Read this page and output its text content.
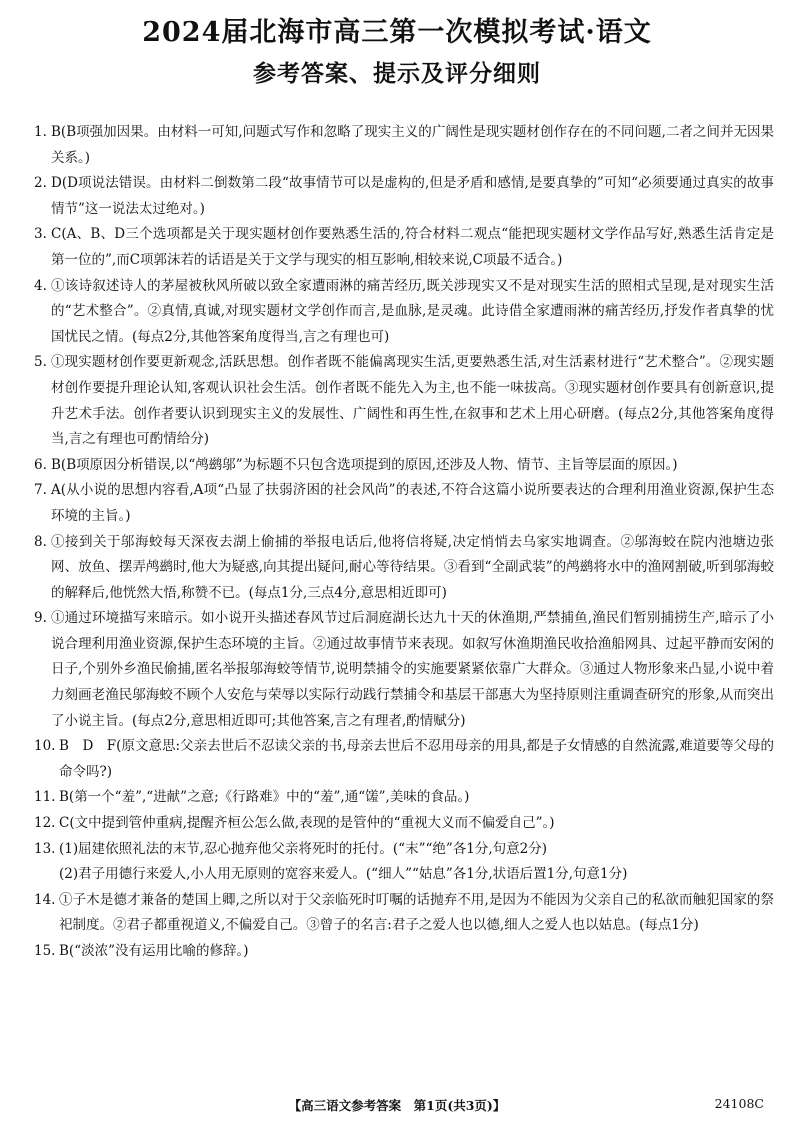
2024届北海市高三第一次模拟考试·语文
参考答案、提示及评分细则
1. B(B项强加因果。由材料一可知,问题式写作和忽略了现实主义的广阔性是现实题材创作存在的不同问题,二者之间并无因果关系。)
2. D(D项说法错误。由材料二倒数第二段“故事情节可以是虚构的,但是矛盾和感情,是要真挚的”可知“必须要通过真实的故事情节”这一说法太过绝对。)
3. C(A、B、D三个选项都是关于现实题材创作要熟悉生活的,符合材料二观点“能把现实题材文学作品写好,熟悉生活肯定是第一位的”,而C项郭沫若的话语是关于文学与现实的相互影响,相较来说,C项最不适合。)
4. ①该诗叙述诗人的茅屋被秋风所破以致全家遭雨淋的痛苦经历,既关涉现实又不是对现实生活的照相式呈现,是对现实生活的“艺术整合”。②真情,真诚,对现实题材文学创作而言,是血脉,是灵魂。此诗借全家遭雨淋的痛苦经历,抒发作者真挚的忧国忧民之情。(每点2分,其他答案角度得当,言之有理也可)
5. ①现实题材创作要更新观念,活跃思想。创作者既不能偏离现实生活,更要熟悉生活,对生活素材进行“艺术整合”。②现实题材创作要提升理论认知,客观认识社会生活。创作者既不能先入为主,也不能一味拔高。③现实题材创作要具有创新意识,提升艺术手法。创作者要认识到现实主义的发展性、广阔性和再生性,在叙事和艺术上用心研磨。(每点2分,其他答案角度得当,言之有理也可酌情给分)
6. B(B项原因分析错误,以“鸬鹚邬”为标题不只包含选项提到的原因,还涉及人物、情节、主旨等层面的原因。)
7. A(从小说的思想内容看,A项“凸显了扶弱济困的社会风尚”的表述,不符合这篇小说所要表达的合理利用渔业资源,保护生态环境的主旨。)
8. ①接到关于邬海蛟每天深夜去湖上偷捕的举报电话后,他将信将疑,决定悄悄去乌家实地调查。②邬海蛟在院内池塘边张网、放鱼、摆弄鸬鹚时,他大为疑惑,向其提出疑问,耐心等待结果。③看到“全副武装”的鸬鹚将水中的渔网割破,听到邬海蛟的解释后,他恍然大悟,称赞不已。(每点1分,三点4分,意思相近即可)
9. ①通过环境描写来暗示。如小说开头描述春风节过后洞庭湖长达九十天的休渔期,严禁捕鱼,渔民们暂别捕捞生产,暗示了小说合理利用渔业资源,保护生态环境的主旨。②通过故事情节来表现。如叙写休渔期渔民收拾渔船网具、过起平静而安闲的日子,个别外乡渔民偷捕,匿名举报邬海蛟等情节,说明禁捕令的实施要紧紧依靠广大群众。③通过人物形象来凸显,小说中着力刻画老渔民邬海蛟不顾个人安危与荣辱以实际行动践行禁捕令和基层干部惠大为坚持原则注重调查研究的形象,从而突出了小说主旨。(每点2分,意思相近即可;其他答案,言之有理者,酌情赋分)
10. B　D　F(原文意思:父亲去世后不忍读父亲的书,母亲去世后不忍用母亲的用具,都是子女情感的自然流露,难道要等父母的命令吗?)
11. B(第一个“羞”,“进献”之意;《行路难》中的“羞”,通“馐”,美味的食品。)
12. C(文中提到管仲重病,提醒齐桓公怎么做,表现的是管仲的“重视大义而不偏爱自己”。)
13. (1)屈建依照礼法的末节,忍心抛弃他父亲将死时的托付。(“末”“绝”各1分,句意2分)
(2)君子用德行来爱人,小人用无原则的宽容来爱人。(“细人”“姑息”各1分,状语后置1分,句意1分)
14. ①子木是德才兼备的楚国上卿,之所以对于父亲临死时叮嘱的话抛弃不用,是因为不能因为父亲自己的私欲而触犯国家的祭祀制度。②君子都重视道义,不偏爱自己。③曾子的名言:君子之爱人也以德,细人之爱人也以姑息。(每点1分)
15. B(“淡浓”没有运用比喻的修辞。)
【高三语文参考答案　第1页(共3页)】	24108C
